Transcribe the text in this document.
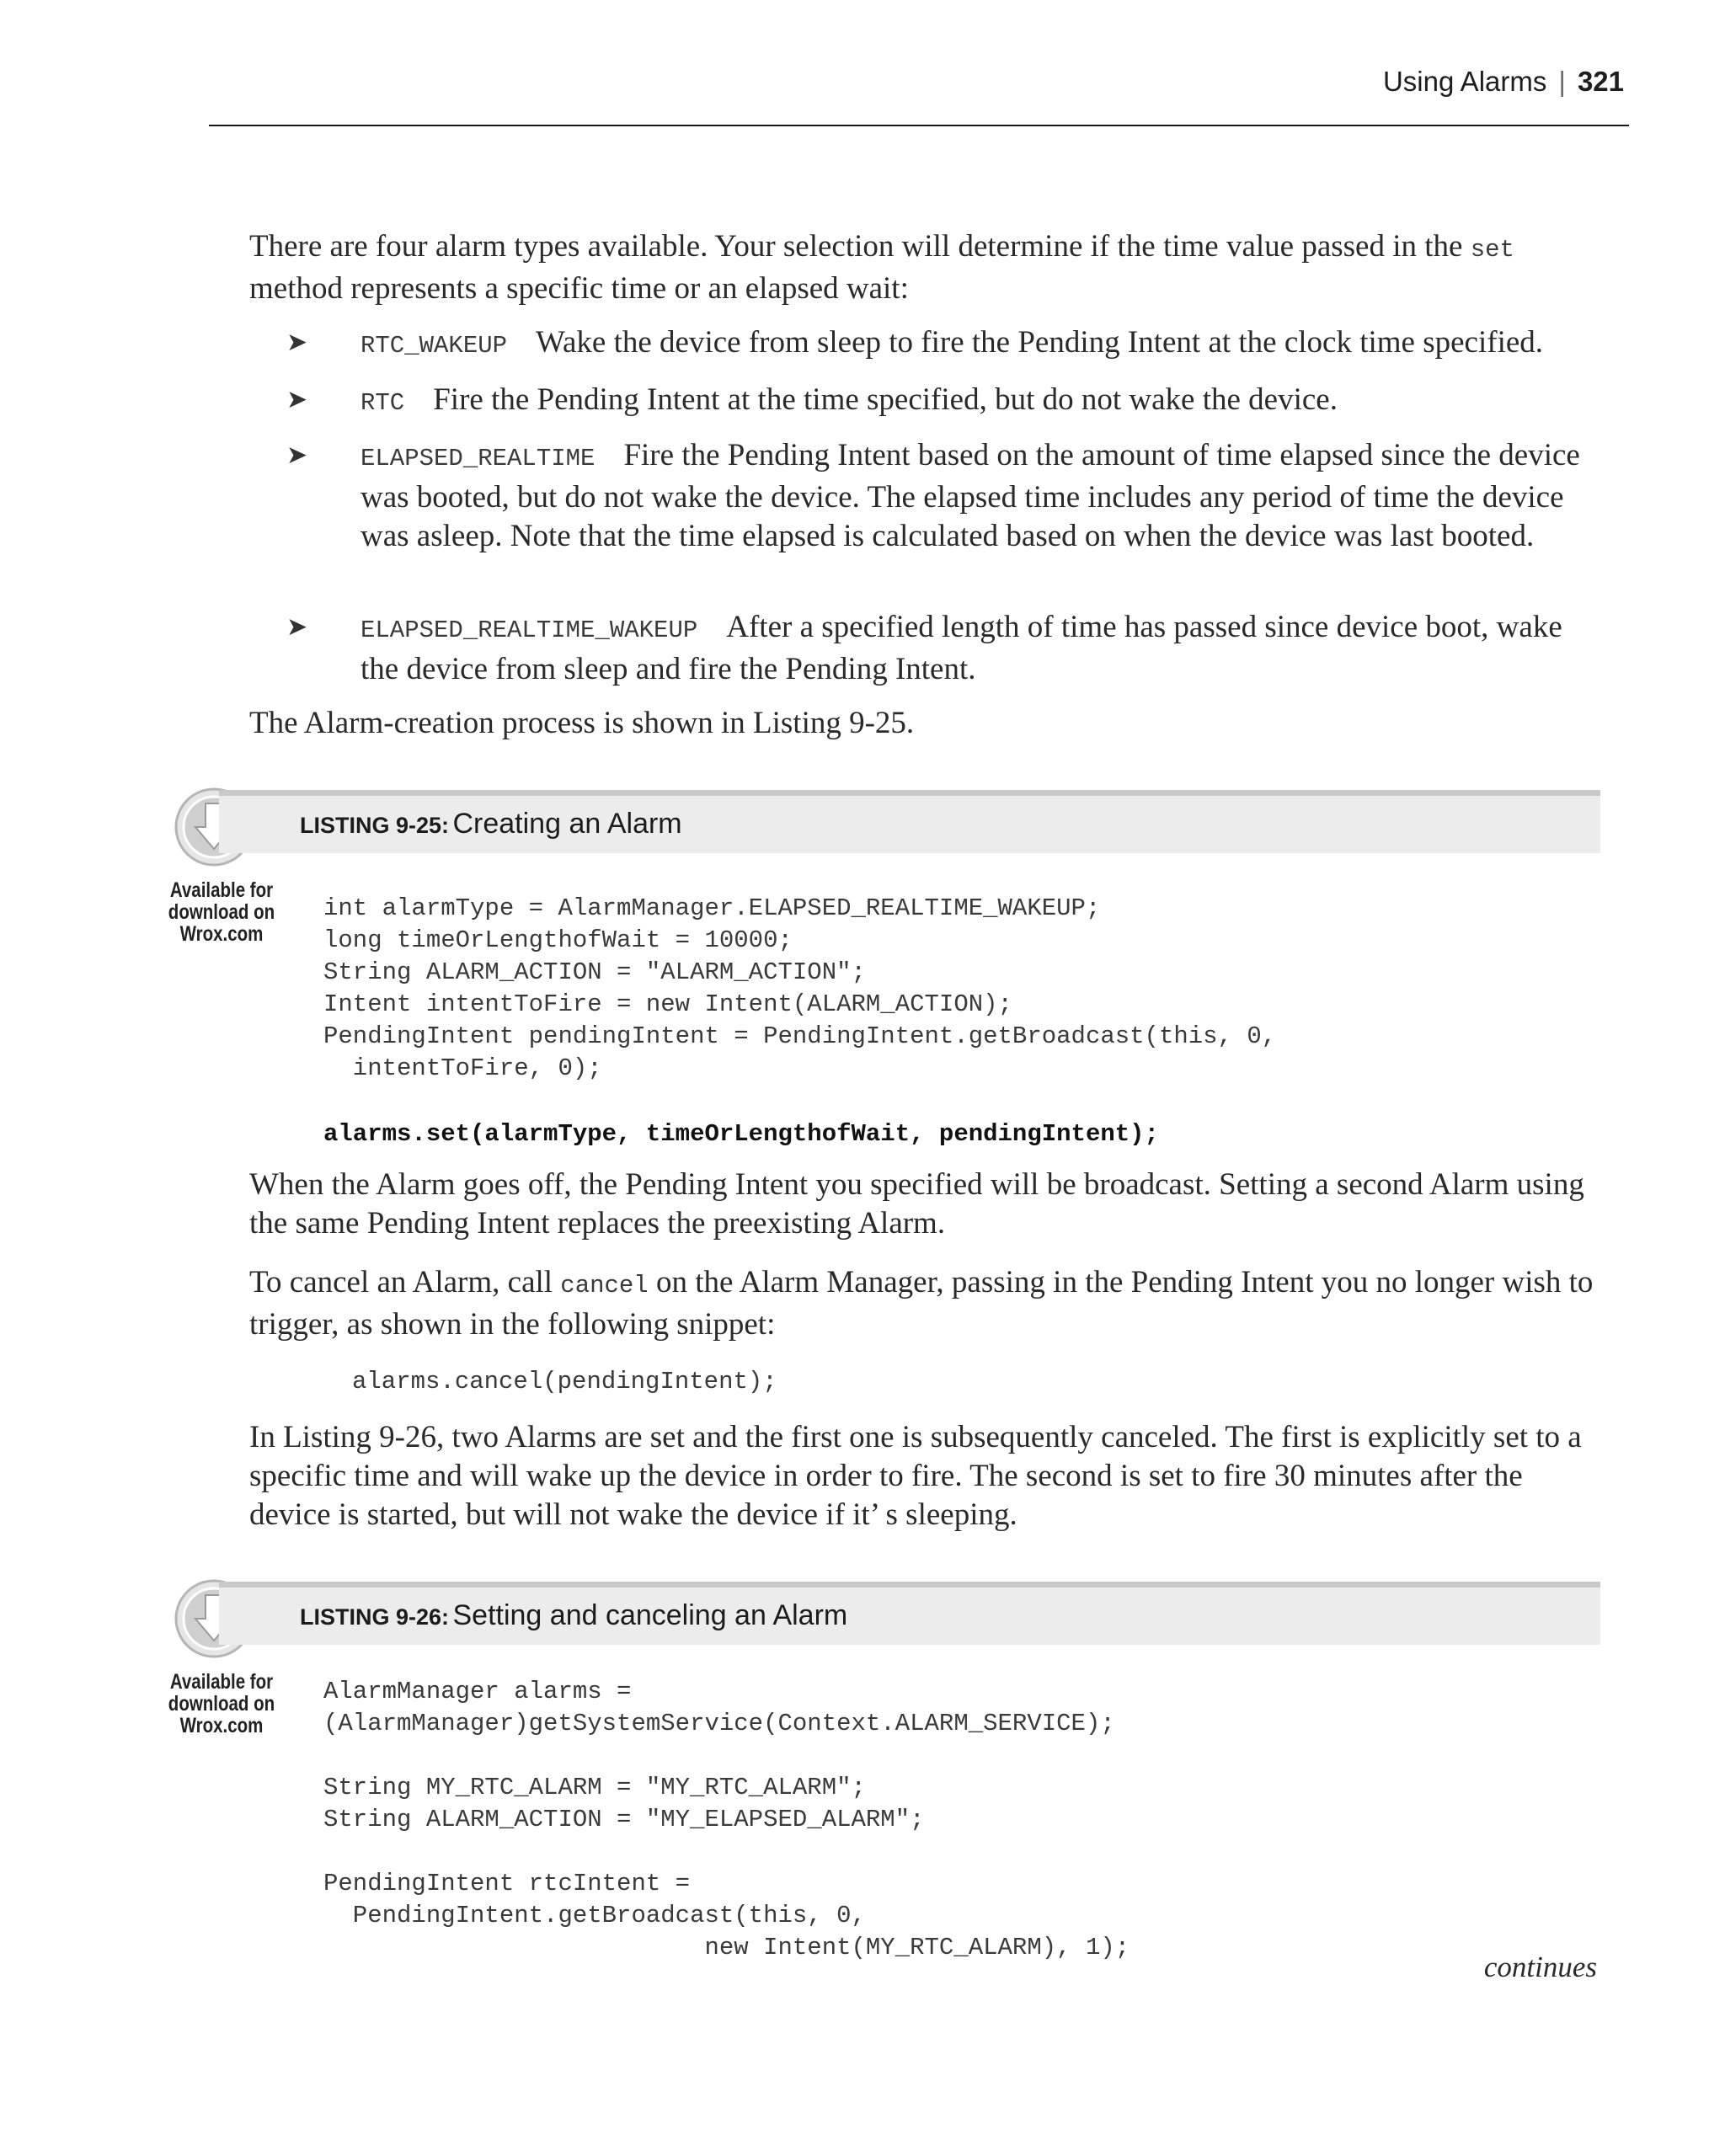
Using Alarms | 321
There are four alarm types available. Your selection will determine if the time value passed in the set method represents a specific time or an elapsed wait:
➤ RTC_WAKEUP Wake the device from sleep to fire the Pending Intent at the clock time specified.
➤ RTC Fire the Pending Intent at the time specified, but do not wake the device.
➤ ELAPSED_REALTIME Fire the Pending Intent based on the amount of time elapsed since the device was booted, but do not wake the device. The elapsed time includes any period of time the device was asleep. Note that the time elapsed is calculated based on when the device was last booted.
➤ ELAPSED_REALTIME_WAKEUP After a specified length of time has passed since device boot, wake the device from sleep and fire the Pending Intent.
The Alarm-creation process is shown in Listing 9-25.
LISTING 9-25: Creating an Alarm
Available for
download on
Wrox.com
int alarmType = AlarmManager.ELAPSED_REALTIME_WAKEUP;
long timeOrLengthofWait = 10000;
String ALARM_ACTION = "ALARM_ACTION";
Intent intentToFire = new Intent(ALARM_ACTION);
PendingIntent pendingIntent = PendingIntent.getBroadcast(this, 0,
intentToFire, 0);
alarms.set(alarmType, timeOrLengthofWait, pendingIntent);
When the Alarm goes off, the Pending Intent you specified will be broadcast. Setting a second Alarm using the same Pending Intent replaces the preexisting Alarm.
To cancel an Alarm, call cancel on the Alarm Manager, passing in the Pending Intent you no longer wish to trigger, as shown in the following snippet:
alarms.cancel(pendingIntent);
In Listing 9-26, two Alarms are set and the first one is subsequently canceled. The first is explicitly set to a specific time and will wake up the device in order to fire. The second is set to fire 30 minutes after the device is started, but will not wake the device if it’ s sleeping.
LISTING 9-26: Setting and canceling an Alarm
Available for
download on
Wrox.com
AlarmManager alarms =
(AlarmManager)getSystemService(Context.ALARM_SERVICE);

String MY_RTC_ALARM = "MY_RTC_ALARM";
String ALARM_ACTION = "MY_ELAPSED_ALARM";

PendingIntent rtcIntent =
PendingIntent.getBroadcast(this, 0,
new Intent(MY_RTC_ALARM), 1);
continues
